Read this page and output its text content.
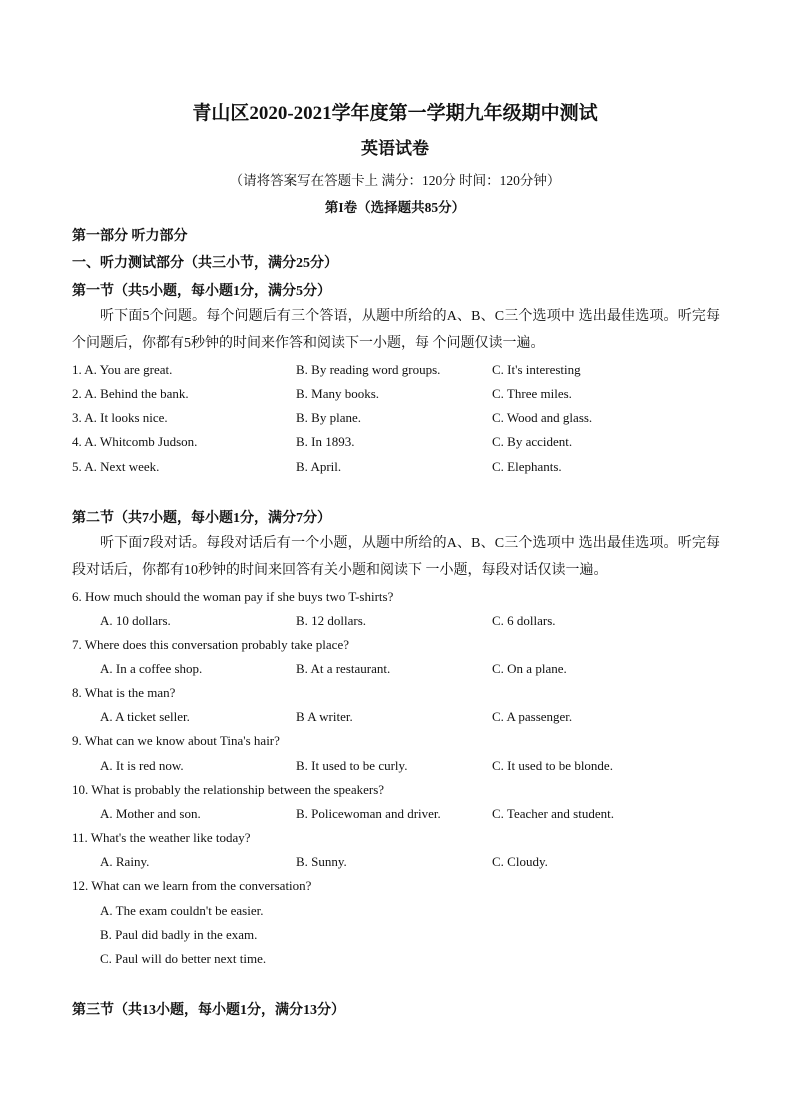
青山区2020-2021学年度第一学期九年级期中测试
英语试卷
（请将答案写在答题卡上 满分：120分 时间：120分钟）
第I卷（选择题共85分）
第一部分 听力部分
一、听力测试部分（共三小节，满分25分）
第一节（共5小题，每小题1分，满分5分）
听下面5个问题。每个问题后有三个答语，从题中所给的A、B、C三个选项中 选出最佳选项。听完每个问题后，你都有5秒钟的时间来作答和阅读下一小题，每 个问题仅读一遍。
1. A. You are great.	B. By reading word groups.	C. It's interesting
2. A. Behind the bank.	B. Many books.	C. Three miles.
3. A. It looks nice.	B. By plane.	C. Wood and glass.
4. A. Whitcomb Judson.	B. In 1893.	C. By accident.
5. A. Next week.	B. April.	C. Elephants.
第二节（共7小题，每小题1分，满分7分）
听下面7段对话。每段对话后有一个小题，从题中所给的A、B、C三个选项中 选出最佳选项。听完每段对话后，你都有10秒钟的时间来回答有关小题和阅读下 一小题，每段对话仅读一遍。
6. How much should the woman pay if she buys two T-shirts?
A. 10 dollars.	B. 12 dollars.	C. 6 dollars.
7. Where does this conversation probably take place?
A. In a coffee shop.	B. At a restaurant.	C. On a plane.
8. What is the man?
A. A ticket seller.	B A writer.	C. A passenger.
9. What can we know about Tina's hair?
A. It is red now.	B. It used to be curly.	C. It used to be blonde.
10. What is probably the relationship between the speakers?
A. Mother and son.	B. Policewoman and driver.	C. Teacher and student.
11. What's the weather like today?
A. Rainy.	B. Sunny.	C. Cloudy.
12. What can we learn from the conversation?
A. The exam couldn't be easier.
B. Paul did badly in the exam.
C. Paul will do better next time.
第三节（共13小题，每小题1分，满分13分）
